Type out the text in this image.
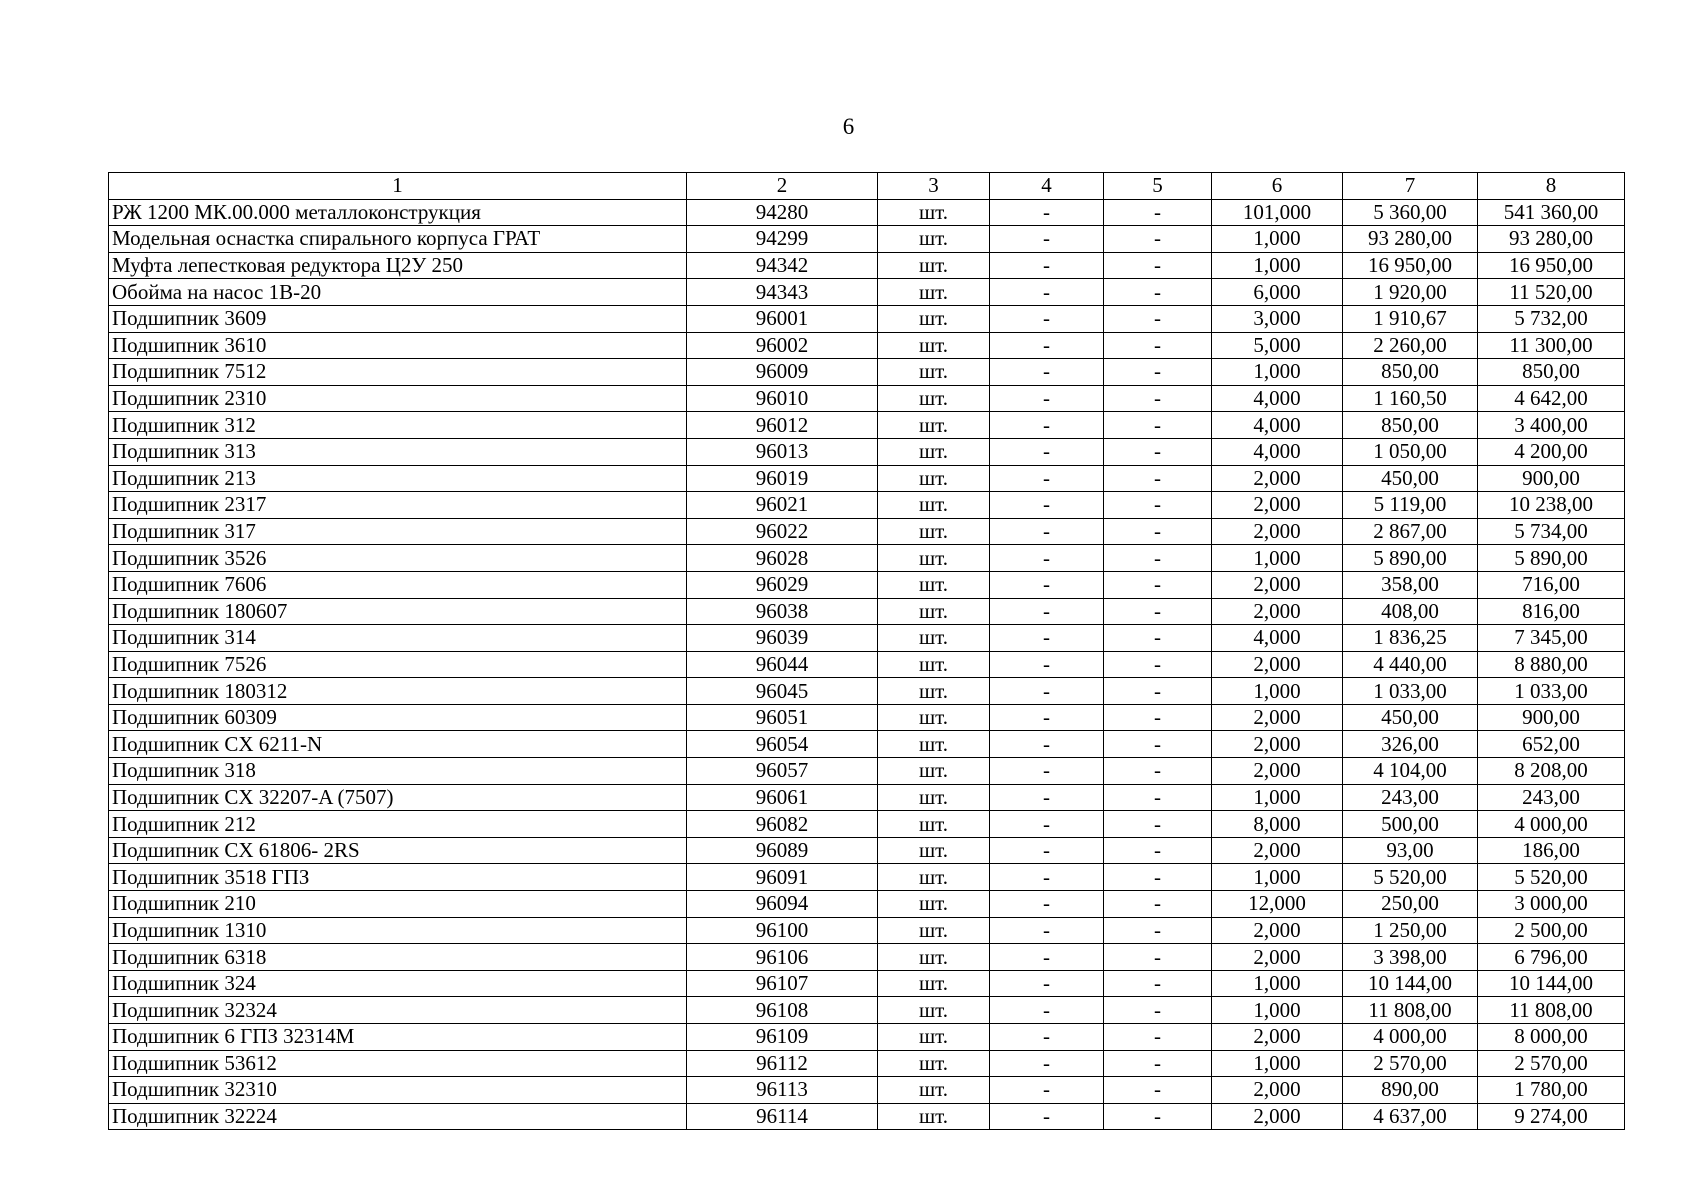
6
1	2	3	4	5	6	7	8
РЖ 1200 МК.00.000 металлоконструкция	94280	шт.	-	-	101,000	5 360,00	541 360,00
Модельная оснастка спирального корпуса ГРАТ	94299	шт.	-	-	1,000	93 280,00	93 280,00
Муфта лепестковая редуктора Ц2У 250	94342	шт.	-	-	1,000	16 950,00	16 950,00
Обойма на насос 1В-20	94343	шт.	-	-	6,000	1 920,00	11 520,00
Подшипник 3609	96001	шт.	-	-	3,000	1 910,67	5 732,00
Подшипник 3610	96002	шт.	-	-	5,000	2 260,00	11 300,00
Подшипник 7512	96009	шт.	-	-	1,000	850,00	850,00
Подшипник 2310	96010	шт.	-	-	4,000	1 160,50	4 642,00
Подшипник 312	96012	шт.	-	-	4,000	850,00	3 400,00
Подшипник 313	96013	шт.	-	-	4,000	1 050,00	4 200,00
Подшипник 213	96019	шт.	-	-	2,000	450,00	900,00
Подшипник 2317	96021	шт.	-	-	2,000	5 119,00	10 238,00
Подшипник 317	96022	шт.	-	-	2,000	2 867,00	5 734,00
Подшипник 3526	96028	шт.	-	-	1,000	5 890,00	5 890,00
Подшипник 7606	96029	шт.	-	-	2,000	358,00	716,00
Подшипник 180607	96038	шт.	-	-	2,000	408,00	816,00
Подшипник 314	96039	шт.	-	-	4,000	1 836,25	7 345,00
Подшипник 7526	96044	шт.	-	-	2,000	4 440,00	8 880,00
Подшипник 180312	96045	шт.	-	-	1,000	1 033,00	1 033,00
Подшипник 60309	96051	шт.	-	-	2,000	450,00	900,00
Подшипник CX 6211-N	96054	шт.	-	-	2,000	326,00	652,00
Подшипник 318	96057	шт.	-	-	2,000	4 104,00	8 208,00
Подшипник CX 32207-A (7507)	96061	шт.	-	-	1,000	243,00	243,00
Подшипник 212	96082	шт.	-	-	8,000	500,00	4 000,00
Подшипник CX 61806- 2RS	96089	шт.	-	-	2,000	93,00	186,00
Подшипник 3518 ГПЗ	96091	шт.	-	-	1,000	5 520,00	5 520,00
Подшипник 210	96094	шт.	-	-	12,000	250,00	3 000,00
Подшипник 1310	96100	шт.	-	-	2,000	1 250,00	2 500,00
Подшипник 6318	96106	шт.	-	-	2,000	3 398,00	6 796,00
Подшипник 324	96107	шт.	-	-	1,000	10 144,00	10 144,00
Подшипник 32324	96108	шт.	-	-	1,000	11 808,00	11 808,00
Подшипник 6 ГПЗ 32314М	96109	шт.	-	-	2,000	4 000,00	8 000,00
Подшипник 53612	96112	шт.	-	-	1,000	2 570,00	2 570,00
Подшипник 32310	96113	шт.	-	-	2,000	890,00	1 780,00
Подшипник 32224	96114	шт.	-	-	2,000	4 637,00	9 274,00
